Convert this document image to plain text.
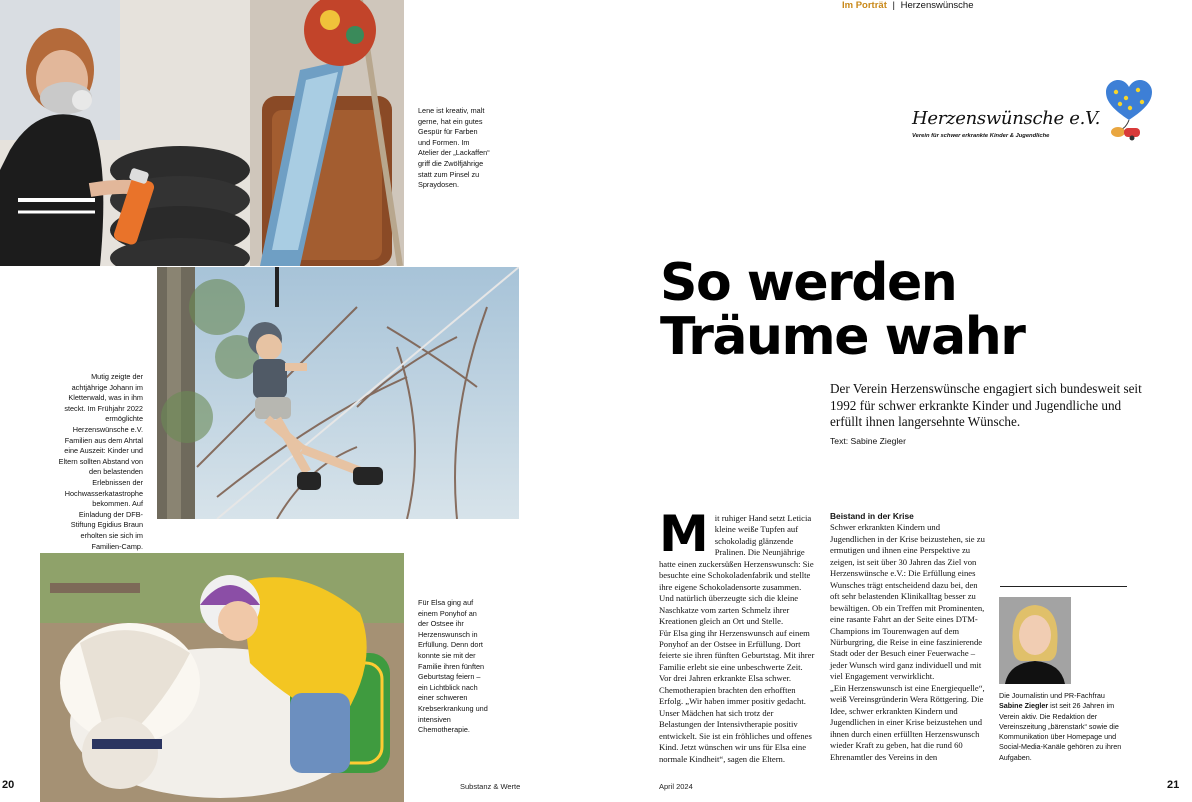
Lene ist kreativ, malt gerne, hat ein gutes Gespür für Farben und Formen. Im Atelier der „Lackaffen“ griff die Zwölfjährige statt zum Pinsel zu Spraydosen.
Mutig zeigte der achtjährige Johann im Kletterwald, was in ihm steckt. Im Frühjahr 2022 ermöglichte Herzenswünsche e.V. Familien aus dem Ahrtal eine Auszeit: Kinder und Eltern sollten Abstand von den belastenden Erlebnissen der Hochwasserkatastrophe bekommen. Auf Einladung der DFB-Stiftung Egidius Braun erholten sie sich im Familien-Camp.
Für Elsa ging auf einem Ponyhof an der Ostsee ihr Herzenswunsch in Erfüllung. Denn dort konnte sie mit der Familie ihren fünften Geburtstag feiern – ein Lichtblick nach einer schweren Krebserkrankung und intensiven Chemotherapie.
20	Substanz & Werte
Im Porträt | Herzenswünsche
Herzenswünsche e.V.
Verein für schwer erkrankte Kinder & Jugendliche
So werden
Träume wahr
Der Verein Herzenswünsche engagiert sich bundesweit seit 1992 für schwer erkrankte Kinder und Jugendliche und erfüllt ihnen langersehnte Wünsche.
Text: Sabine Ziegler
M it ruhiger Hand setzt Leticia kleine weiße Tupfen auf schokoladig glänzende Pralinen. Die Neunjährige hatte einen zuckersüßen Herzenswunsch: Sie besuchte eine Schokoladenfabrik und stellte ihre eigene Schokoladensorte zusammen. Und natürlich überzeugte sich die kleine Naschkatze vom zarten Schmelz ihrer Kreationen gleich an Ort und Stelle.

Für Elsa ging ihr Herzenswunsch auf einem Ponyhof an der Ostsee in Erfüllung. Dort feierte sie ihren fünften Geburtstag. Mit ihrer Familie erlebt sie eine unbeschwerte Zeit. Vor drei Jahren erkrankte Elsa schwer. Chemotherapien brachten den erhofften Erfolg. „Wir haben immer positiv gedacht. Unser Mädchen hat sich trotz der Belastungen der Intensivtherapie positiv entwickelt. Sie ist ein fröhliches und offenes Kind. Jetzt wünschen wir uns für Elsa eine normale Kindheit“, sagen die Eltern.

Beistand in der Krise

Schwer erkrankten Kindern und Jugendlichen in der Krise beizustehen, sie zu ermutigen und ihnen eine Perspektive zu zeigen, ist seit über 30 Jahren das Ziel von Herzenswünsche e.V.: Die Erfüllung eines Wunsches trägt entscheidend dazu bei, den oft sehr belastenden Klinikalltag besser zu bewältigen. Ob ein Treffen mit Prominenten, eine rasante Fahrt an der Seite eines DTM-Champions im Tourenwagen auf dem Nürburgring, die Reise in eine faszinierende Stadt oder der Besuch einer Feuerwache – jeder Wunsch wird ganz individuell und mit viel Engagement verwirklicht.

„Ein Herzenswunsch ist eine Energiequelle“, weiß Vereinsgründerin Wera Röttgering. Die Idee, schwer erkrankten Kindern und Jugendlichen in einer Krise beizustehen und ihnen durch einen erfüllten Herzenswunsch wieder Kraft zu geben, hat die rund 60 Ehrenamtler des Vereins in den

Die Journalistin und PR-Fachfrau Sabine Ziegler ist seit 26 Jahren im Verein aktiv. Die Redaktion der Vereinszeitung „bärenstark“ sowie die Kommunikation über Homepage und Social-Media-Kanäle gehören zu ihren Aufgaben.
April 2024	21
